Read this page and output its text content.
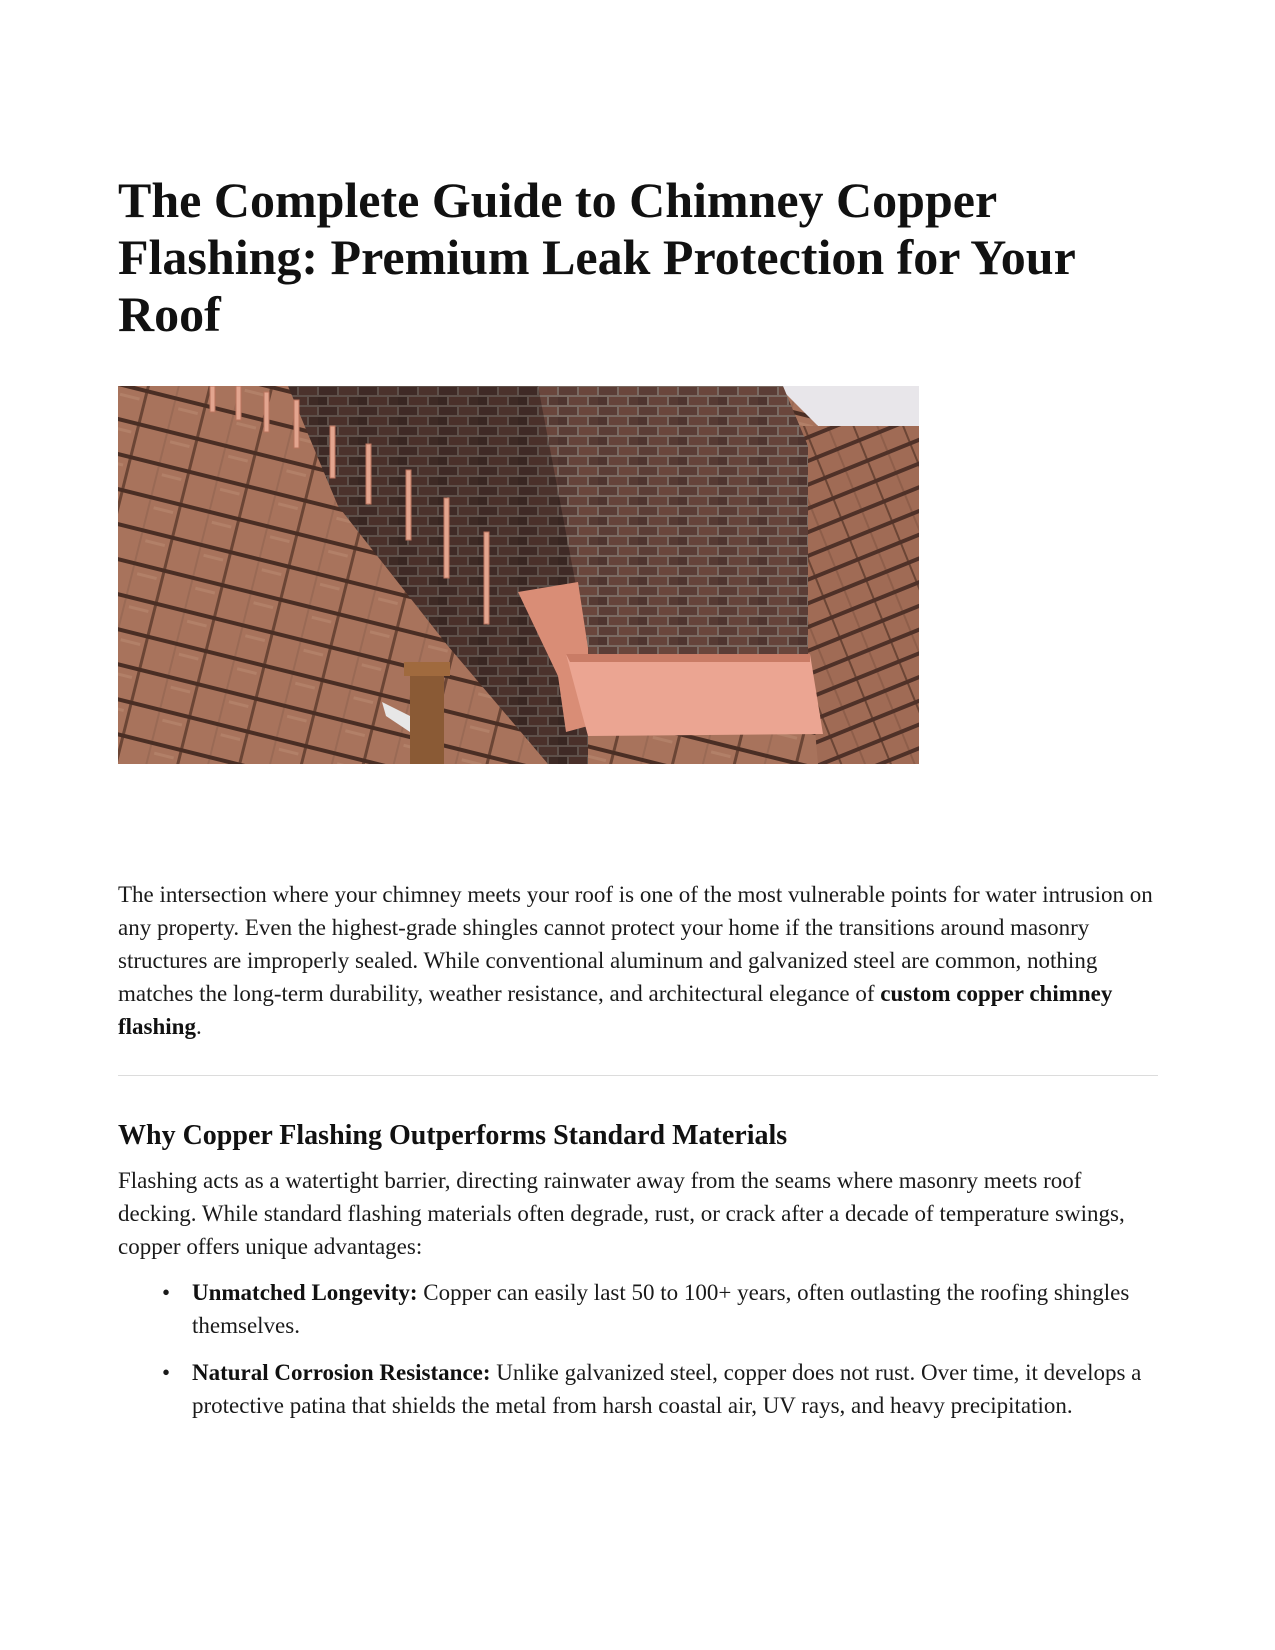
The Complete Guide to Chimney Copper Flashing: Premium Leak Protection for Your Roof

The intersection where your chimney meets your roof is one of the most vulnerable points for water intrusion on any property. Even the highest-grade shingles cannot protect your home if the transitions around masonry structures are improperly sealed. While conventional aluminum and galvanized steel are common, nothing matches the long-term durability, weather resistance, and architectural elegance of custom copper chimney flashing.

Why Copper Flashing Outperforms Standard Materials

Flashing acts as a watertight barrier, directing rainwater away from the seams where masonry meets roof decking. While standard flashing materials often degrade, rust, or crack after a decade of temperature swings, copper offers unique advantages:

• Unmatched Longevity: Copper can easily last 50 to 100+ years, often outlasting the roofing shingles themselves.
• Natural Corrosion Resistance: Unlike galvanized steel, copper does not rust. Over time, it develops a protective patina that shields the metal from harsh coastal air, UV rays, and heavy precipitation.
